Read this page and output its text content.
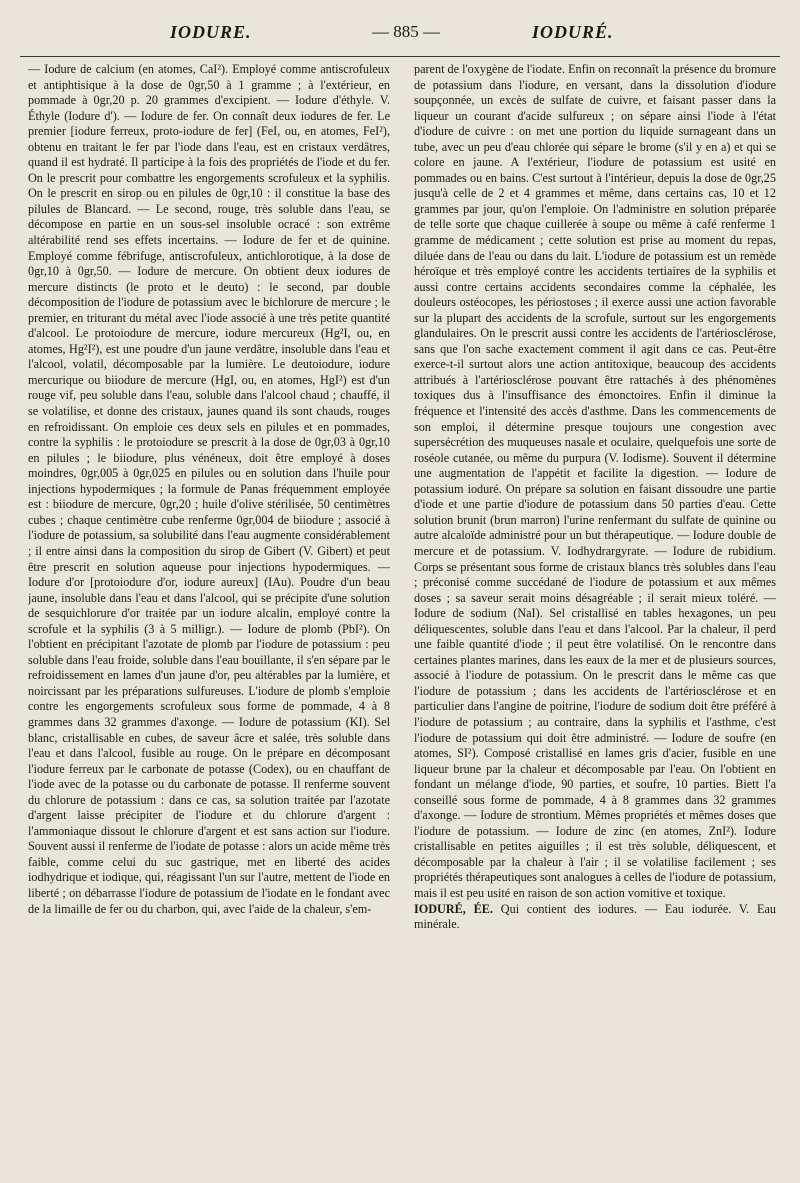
IODURE.	— 885 —	IODURÉ.

— Iodure de calcium (en atomes, CaI²). Employé comme antiscrofuleux et antiphtisique à la dose de 0gr,50 à 1 gramme ; à l'extérieur, en pommade à 0gr,20 p. 20 grammes d'excipient. — Iodure d'éthyle. V. Éthyle (Iodure d'). — Iodure de fer. On connaît deux iodures de fer. Le premier [iodure ferreux, proto-iodure de fer] (FeI, ou, en atomes, FeI²), obtenu en traitant le fer par l'iode dans l'eau, est en cristaux verdâtres, quand il est hydraté. Il participe à la fois des propriétés de l'iode et du fer. On le prescrit pour combattre les engorgements scrofuleux et la syphilis. On le prescrit en sirop ou en pilules de 0gr,10 : il constitue la base des pilules de Blancard. — Le second, rouge, très soluble dans l'eau, se décompose en partie en un sous-sel insoluble ocracé : son extrême altérabilité rend ses effets incertains. — Iodure de fer et de quinine. Employé comme fébrifuge, antiscrofuleux, antichlorotique, à la dose de 0gr,10 à 0gr,50. — Iodure de mercure. On obtient deux iodures de mercure distincts (le proto et le deuto) : le second, par double décomposition de l'iodure de potassium avec le bichlorure de mercure ; le premier, en triturant du métal avec l'iode associé à une très petite quantité d'alcool. Le protoiodure de mercure, iodure mercureux (Hg²I, ou, en atomes, Hg²I²), est une poudre d'un jaune verdâtre, insoluble dans l'eau et l'alcool, volatil, décomposable par la lumière. Le deutoiodure, iodure mercurique ou biiodure de mercure (HgI, ou, en atomes, HgI²) est d'un rouge vif, peu soluble dans l'eau, soluble dans l'alcool chaud ; chauffé, il se volatilise, et donne des cristaux, jaunes quand ils sont chauds, rouges en refroidissant. On emploie ces deux sels en pilules et en pommades, contre la syphilis : le protoiodure se prescrit à la dose de 0gr,03 à 0gr,10 en pilules ; le biiodure, plus vénéneux, doit être employé à doses moindres, 0gr,005 à 0gr,025 en pilules ou en solution dans l'huile pour injections hypodermiques ; la formule de Panas fréquemment employée est : biiodure de mercure, 0gr,20 ; huile d'olive stérilisée, 50 centimètres cubes ; chaque centimètre cube renferme 0gr,004 de biiodure ; associé à l'iodure de potassium, sa solubilité dans l'eau augmente considérablement ; il entre ainsi dans la composition du sirop de Gibert (V. Gibert) et peut être prescrit en solution aqueuse pour injections hypodermiques. — Iodure d'or [protoiodure d'or, iodure aureux] (IAu). Poudre d'un beau jaune, insoluble dans l'eau et dans l'alcool, qui se précipite d'une solution de sesquichlorure d'or traitée par un iodure alcalin, employé contre la scrofule et la syphilis (3 à 5 milligr.). — Iodure de plomb (PbI²). On l'obtient en précipitant l'azotate de plomb par l'iodure de potassium : peu soluble dans l'eau froide, soluble dans l'eau bouillante, il s'en sépare par le refroidissement en lames d'un jaune d'or, peu altérables par la lumière, et noircissant par les préparations sulfureuses. L'iodure de plomb s'emploie contre les engorgements scrofuleux sous forme de pommade, 4 à 8 grammes dans 32 grammes d'axonge. — Iodure de potassium (KI). Sel blanc, cristallisable en cubes, de saveur âcre et salée, très soluble dans l'eau et dans l'alcool, fusible au rouge. On le prépare en décomposant l'iodure ferreux par le carbonate de potasse (Codex), ou en chauffant de l'iode avec de la potasse ou du carbonate de potasse. Il renferme souvent du chlorure de potassium : dans ce cas, sa solution traitée par l'azotate d'argent laisse précipiter de l'iodure et du chlorure d'argent : l'ammoniaque dissout le chlorure d'argent et est sans action sur l'iodure. Souvent aussi il renferme de l'iodate de potasse : alors un acide même très faible, comme celui du suc gastrique, met en liberté des acides iodhydrique et iodique, qui, réagissant l'un sur l'autre, mettent de l'iode en liberté ; on débarrasse l'iodure de potassium de l'iodate en le fondant avec de la limaille de fer ou du charbon, qui, avec l'aide de la chaleur, s'em-

parent de l'oxygène de l'iodate. Enfin on reconnaît la présence du bromure de potassium dans l'iodure, en versant, dans la dissolution d'iodure soupçonnée, un excès de sulfate de cuivre, et faisant passer dans la liqueur un courant d'acide sulfureux ; on sépare ainsi l'iode à l'état d'iodure de cuivre : on met une portion du liquide surnageant dans un tube, avec un peu d'eau chlorée qui sépare le brome (s'il y en a) et qui se colore en jaune. A l'extérieur, l'iodure de potassium est usité en pommades ou en bains. C'est surtout à l'intérieur, depuis la dose de 0gr,25 jusqu'à celle de 2 et 4 grammes et même, dans certains cas, 10 et 12 grammes par jour, qu'on l'emploie. On l'administre en solution préparée de telle sorte que chaque cuillerée à soupe ou même à café renferme 1 gramme de médicament ; cette solution est prise au moment du repas, diluée dans de l'eau ou dans du lait. L'iodure de potassium est un remède héroïque et très employé contre les accidents tertiaires de la syphilis et aussi contre certains accidents secondaires comme la céphalée, les douleurs ostéocopes, les périostoses ; il exerce aussi une action favorable sur la plupart des accidents de la scrofule, surtout sur les engorgements glandulaires. On le prescrit aussi contre les accidents de l'artériosclérose, sans que l'on sache exactement comment il agit dans ce cas. Peut-être exerce-t-il surtout alors une action antitoxique, beaucoup des accidents attribués à l'artériosclérose pouvant être rattachés à des phénomènes toxiques dus à l'insuffisance des émonctoires. Enfin il diminue la fréquence et l'intensité des accès d'asthme. Dans les commencements de son emploi, il détermine presque toujours une congestion avec supersécrétion des muqueuses nasale et oculaire, quelquefois une sorte de roséole cutanée, ou même du purpura (V. Iodisme). Souvent il détermine une augmentation de l'appétit et facilite la digestion. — Iodure de potassium ioduré. On prépare sa solution en faisant dissoudre une partie d'iode et une partie d'iodure de potassium dans 50 parties d'eau. Cette solution brunit (brun marron) l'urine renfermant du sulfate de quinine ou autre alcaloïde administré pour un but thérapeutique. — Iodure double de mercure et de potassium. V. Iodhydrargyrate. — Iodure de rubidium. Corps se présentant sous forme de cristaux blancs très solubles dans l'eau ; préconisé comme succédané de l'iodure de potassium et aux mêmes doses ; sa saveur serait moins désagréable ; il serait mieux toléré. — Iodure de sodium (NaI). Sel cristallisé en tables hexagones, un peu déliquescentes, soluble dans l'eau et dans l'alcool. Par la chaleur, il perd une faible quantité d'iode ; il peut être volatilisé. On le rencontre dans certaines plantes marines, dans les eaux de la mer et de plusieurs sources, associé à l'iodure de potassium. On le prescrit dans le même cas que l'iodure de potassium ; dans les accidents de l'artériosclérose et en particulier dans l'angine de poitrine, l'iodure de sodium doit être préféré à l'iodure de potassium ; au contraire, dans la syphilis et l'asthme, c'est l'iodure de potassium qui doit être administré. — Iodure de soufre (en atomes, SI²). Composé cristallisé en lames gris d'acier, fusible en une liqueur brune par la chaleur et décomposable par l'eau. On l'obtient en fondant un mélange d'iode, 90 parties, et soufre, 10 parties. Biett l'a conseillé sous forme de pommade, 4 à 8 grammes dans 32 grammes d'axonge. — Iodure de strontium. Mêmes propriétés et mêmes doses que l'iodure de potassium. — Iodure de zinc (en atomes, ZnI²). Iodure cristallisable en petites aiguilles ; il est très soluble, déliquescent, et décomposable par la chaleur à l'air ; il se volatilise facilement ; ses propriétés thérapeutiques sont analogues à celles de l'iodure de potassium, mais il est peu usité en raison de son action vomitive et toxique.

IODURÉ, ÉE. Qui contient des iodures. — Eau iodurée. V. Eau minérale.
